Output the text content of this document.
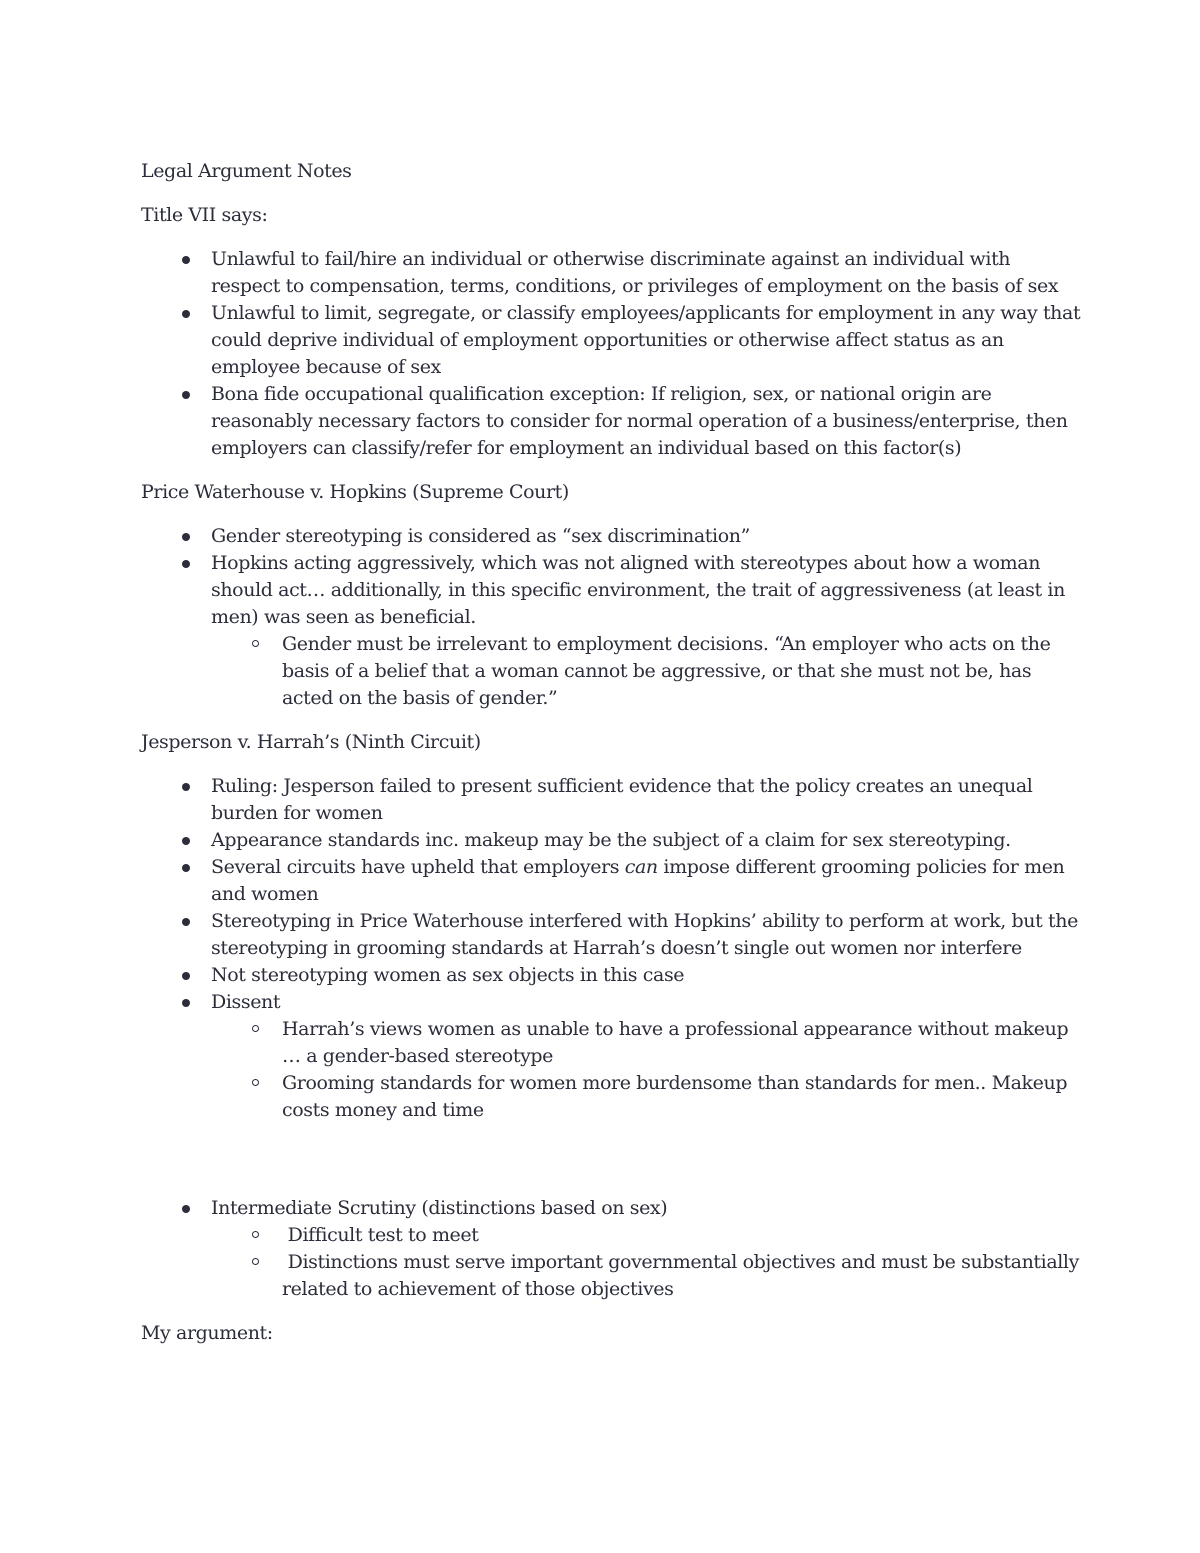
Legal Argument Notes

Title VII says:

Unlawful to fail/hire an individual or otherwise discriminate against an individual with respect to compensation, terms, conditions, or privileges of employment on the basis of sex
Unlawful to limit, segregate, or classify employees/applicants for employment in any way that could deprive individual of employment opportunities or otherwise affect status as an employee because of sex
Bona fide occupational qualification exception: If religion, sex, or national origin are reasonably necessary factors to consider for normal operation of a business/enterprise, then employers can classify/refer for employment an individual based on this factor(s)

Price Waterhouse v. Hopkins (Supreme Court)

Gender stereotyping is considered as “sex discrimination”
Hopkins acting aggressively, which was not aligned with stereotypes about how a woman should act… additionally, in this specific environment, the trait of aggressiveness (at least in men) was seen as beneficial.
Gender must be irrelevant to employment decisions. “An employer who acts on the basis of a belief that a woman cannot be aggressive, or that she must not be, has acted on the basis of gender.”

Jesperson v. Harrah’s (Ninth Circuit)

Ruling: Jesperson failed to present sufficient evidence that the policy creates an unequal burden for women
Appearance standards inc. makeup may be the subject of a claim for sex stereotyping.
Several circuits have upheld that employers can impose different grooming policies for men and women
Stereotyping in Price Waterhouse interfered with Hopkins’ ability to perform at work, but the stereotyping in grooming standards at Harrah’s doesn’t single out women nor interfere
Not stereotyping women as sex objects in this case
Dissent
Harrah’s views women as unable to have a professional appearance without makeup … a gender-based stereotype
Grooming standards for women more burdensome than standards for men.. Makeup costs money and time
Intermediate Scrutiny (distinctions based on sex)
Difficult test to meet
Distinctions must serve important governmental objectives and must be substantially related to achievement of those objectives

My argument:
